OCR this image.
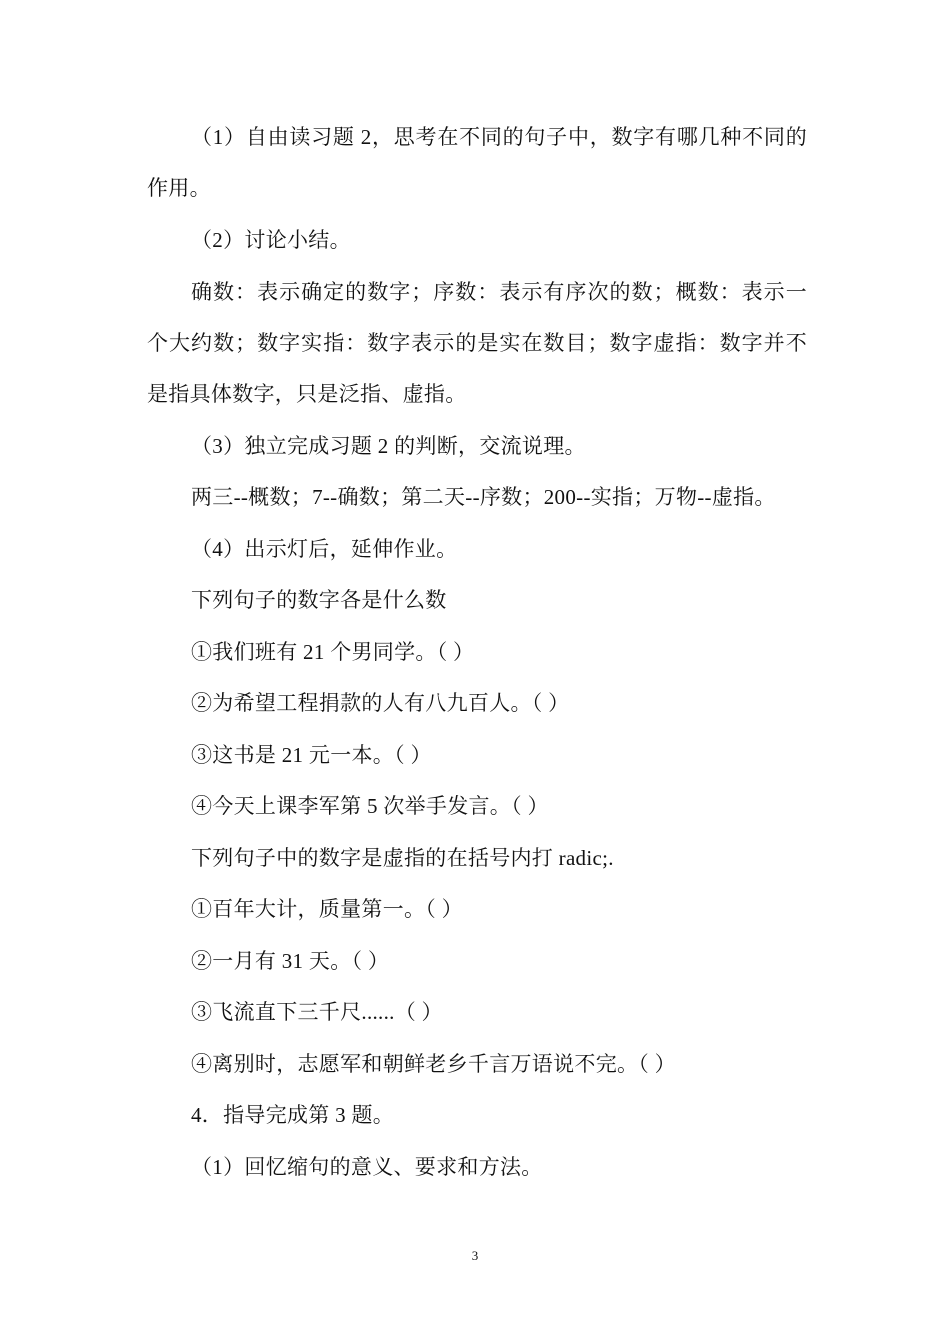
（1）自由读习题 2，思考在不同的句子中，数字有哪几种不同的作用。

（2）讨论小结。

确数：表示确定的数字；序数：表示有序次的数；概数：表示一个大约数；数字实指：数字表示的是实在数目；数字虚指：数字并不是指具体数字，只是泛指、虚指。

（3）独立完成习题 2 的判断，交流说理。

两三--概数；7--确数；第二天--序数；200--实指；万物--虚指。

（4）出示灯后，延伸作业。

下列句子的数字各是什么数

①我们班有 21 个男同学。（ ）

②为希望工程捐款的人有八九百人。（ ）

③这书是 21 元一本。（ ）

④今天上课李军第 5 次举手发言。（ ）

下列句子中的数字是虚指的在括号内打 radic;.

①百年大计，质量第一。（ ）

②一月有 31 天。（ ）

③飞流直下三千尺......（ ）

④离别时，志愿军和朝鲜老乡千言万语说不完。（ ）

4．指导完成第 3 题。

（1）回忆缩句的意义、要求和方法。

3
